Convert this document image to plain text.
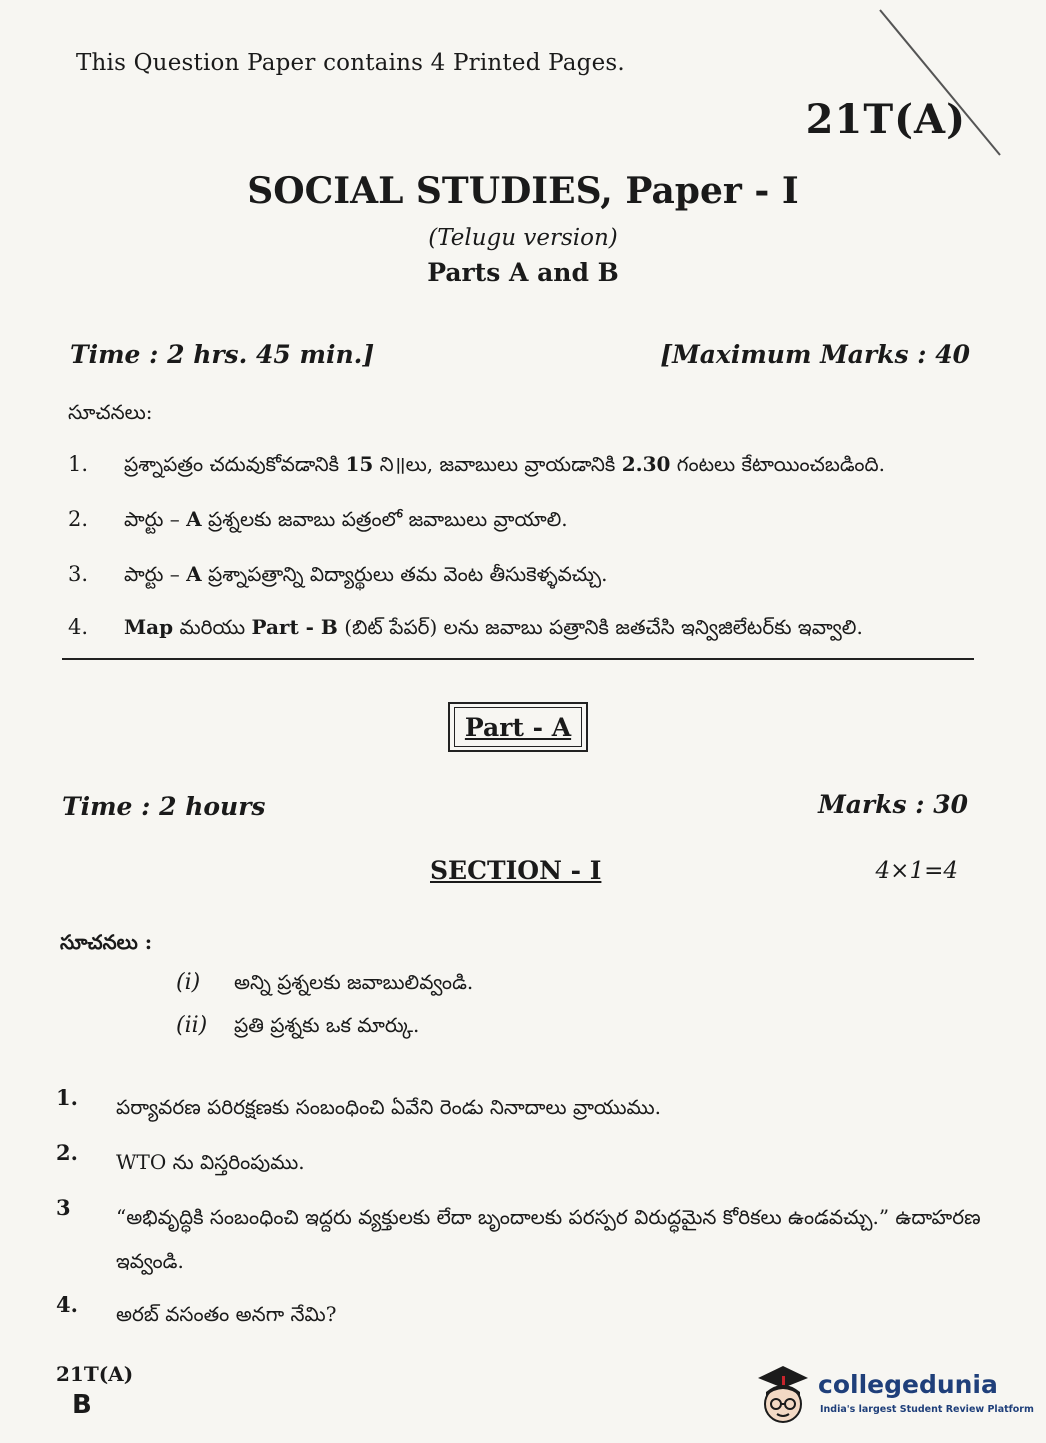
This Question Paper contains 4 Printed Pages.
21T(A)
SOCIAL STUDIES, Paper - I
(Telugu version)
Parts A and B
Time : 2 hrs. 45 min.]	[Maximum Marks : 40
సూచనలు:
1.	ప్రశ్నాపత్రం చదువుకోవడానికి 15 ని॥లు, జవాబులు వ్రాయడానికి 2.30 గంటలు కేటాయించబడింది.
2.	పార్టు – A ప్రశ్నలకు జవాబు పత్రంలో జవాబులు వ్రాయాలి.
3.	పార్టు – A ప్రశ్నాపత్రాన్ని విద్యార్థులు తమ వెంట తీసుకెళ్ళవచ్చు.
4.	Map మరియు Part - B (బిట్ పేపర్) లను జవాబు పత్రానికి జతచేసి ఇన్విజిలేటర్‌కు ఇవ్వాలి.
Part - A
Time : 2 hours	Marks : 30
SECTION - I	4×1=4
సూచనలు :
(i)	అన్ని ప్రశ్నలకు జవాబులివ్వండి.
(ii)	ప్రతి ప్రశ్నకు ఒక మార్కు.
1.	పర్యావరణ పరిరక్షణకు సంబంధించి ఏవేని రెండు నినాదాలు వ్రాయుము.
2.	WTO ను విస్తరింపుము.
3	“అభివృద్ధికి సంబంధించి ఇద్దరు వ్యక్తులకు లేదా బృందాలకు పరస్పర విరుద్ధమైన కోరికలు ఉండవచ్చు.” ఉదాహరణ ఇవ్వండి.
4.	అరబ్ వసంతం అనగా నేమి?
21T(A)
B
collegedunia
India's largest Student Review Platform
